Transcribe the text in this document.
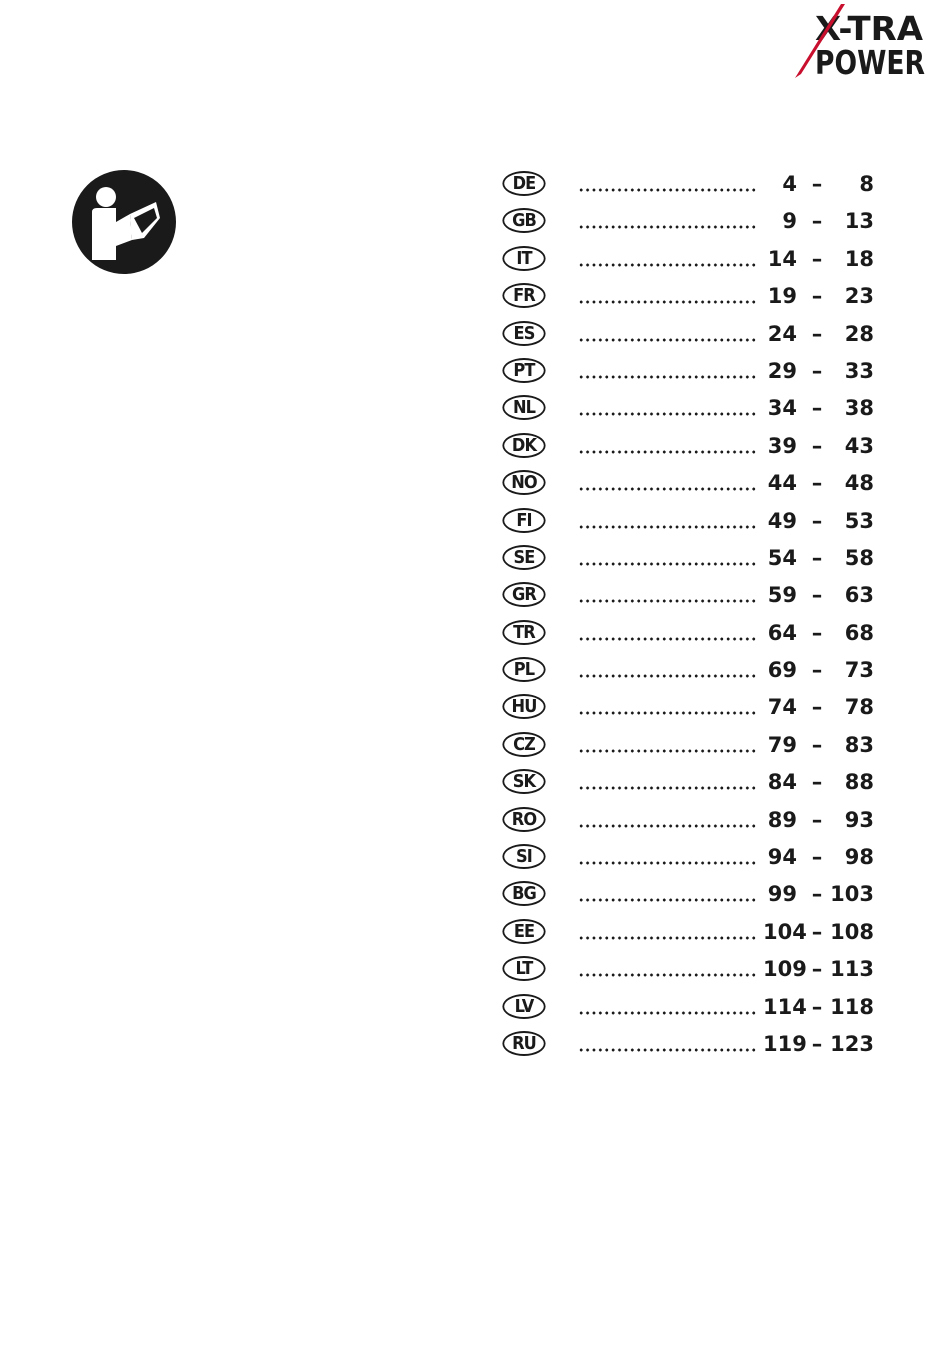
X-TRA
POWER
DE	4 –	8
GB	9 –	13
IT	14 –	18
FR	19 –	23
ES	24 –	28
PT	29 –	33
NL	34 –	38
DK	39 –	43
NO	44 –	48
FI	49 –	53
SE	54 –	58
GR	59 –	63
TR	64 –	68
PL	69 –	73
HU	74 –	78
CZ	79 –	83
SK	84 –	88
RO	89 –	93
SI	94 –	98
BG	99 – 103
EE	104 – 108
LT	109 – 113
LV	114 – 118
RU	119 – 123
